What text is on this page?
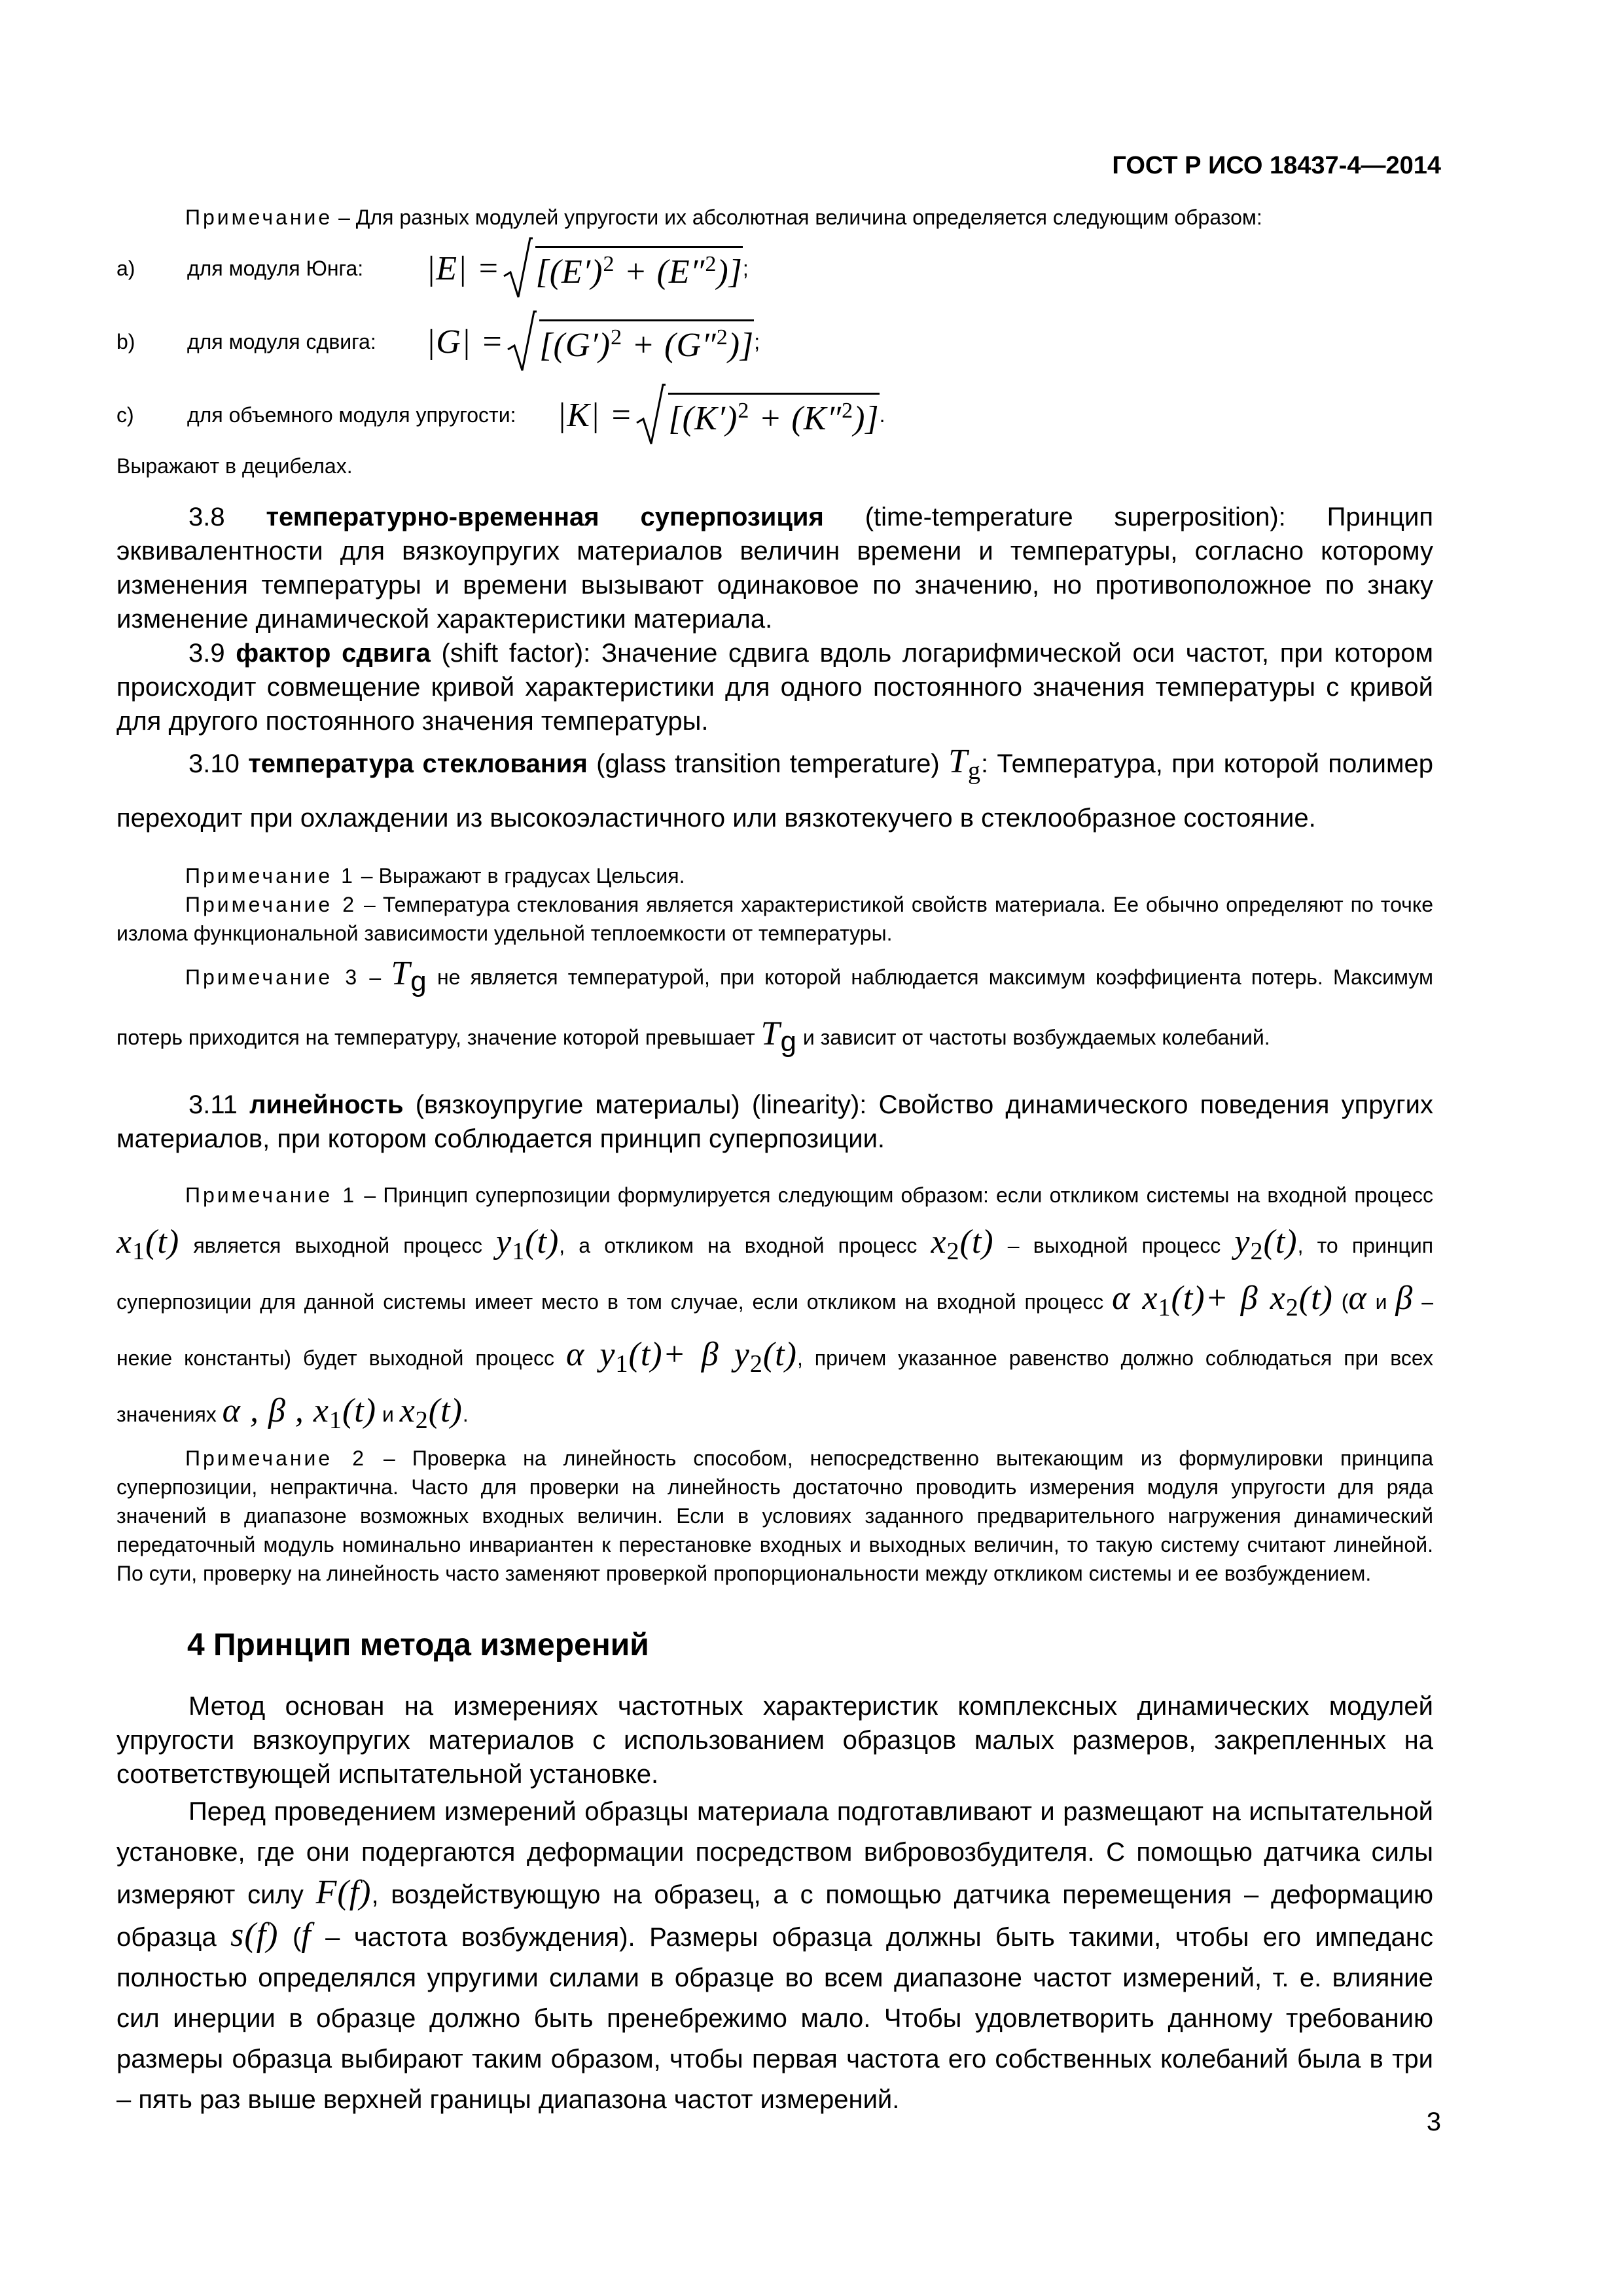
ГОСТ Р ИСО 18437-4—2014
Примечание – Для разных модулей упругости их абсолютная величина определяется следующим образом:
a)	для модуля Юнга:	$|E| = [(E')^2 + (E''^2)]$ ;
b)	для модуля сдвига:	$|G| = [(G')^2 + (G''^2)]$ ;
c)	для объемного модуля упругости:	$|K| = [(K')^2 + (K''^2)]$ .
Выражают в децибелах.
3.8 температурно-временная суперпозиция (time-temperature superposition): Принцип эквивалентности для вязкоупругих материалов величин времени и температуры, согласно которому изменения температуры и времени вызывают одинаковое по значению, но противоположное по знаку изменение динамической характеристики материала.
3.9 фактор сдвига (shift factor): Значение сдвига вдоль логарифмической оси частот, при котором происходит совмещение кривой характеристики для одного постоянного значения температуры с кривой для другого постоянного значения температуры.
3.10 температура стеклования (glass transition temperature) $T_g$: Температура, при которой полимер переходит при охлаждении из высокоэластичного или вязкотекучего в стеклообразное состояние.
Примечание 1 – Выражают в градусах Цельсия.
Примечание 2 – Температура стеклования является характеристикой свойств материала. Ее обычно определяют по точке излома функциональной зависимости удельной теплоемкости от температуры.
Примечание 3 – Tg не является температурой, при которой наблюдается максимум коэффициента потерь. Максимум потерь приходится на температуру, значение которой превышает Tg и зависит от частоты возбуждаемых колебаний.
3.11 линейность (вязкоупругие материалы) (linearity): Свойство динамического поведения упругих материалов, при котором соблюдается принцип суперпозиции.
Примечание 1 – Принцип суперпозиции формулируется следующим образом: если откликом системы на входной процесс $x_1(t)$ является выходной процесс $y_1(t)$, а откликом на входной процесс $x_2(t)$ – выходной процесс $y_2(t)$, то принцип суперпозиции для данной системы имеет место в том случае, если откликом на входной процесс α $x_1(t)+ \beta$ $x_2(t)$ (α и β – некие константы) будет выходной процесс α $y_1(t)+ \beta$ $y_2(t)$, причем указанное равенство должно соблюдаться при всех значениях α , β , $x_1(t)$ и $x_2(t)$.
Примечание 2 – Проверка на линейность способом, непосредственно вытекающим из формулировки принципа суперпозиции, непрактична. Часто для проверки на линейность достаточно проводить измерения модуля упругости для ряда значений в диапазоне возможных входных величин. Если в условиях заданного предварительного нагружения динамический передаточный модуль номинально инвариантен к перестановке входных и выходных величин, то такую систему считают линейной. По сути, проверку на линейность часто заменяют проверкой пропорциональности между откликом системы и ее возбуждением.
4 Принцип метода измерений
Метод основан на измерениях частотных характеристик комплексных динамических модулей упругости вязкоупругих материалов с использованием образцов малых размеров, закрепленных на соответствующей испытательной установке.
Перед проведением измерений образцы материала подготавливают и размещают на испытательной установке, где они подергаются деформации посредством вибровозбудителя. С помощью датчика силы измеряют силу F(f), воздействующую на образец, а с помощью датчика перемещения – деформацию образца s(f) (f – частота возбуждения). Размеры образца должны быть такими, чтобы его импеданс полностью определялся упругими силами в образце во всем диапазоне частот измерений, т. е. влияние сил инерции в образце должно быть пренебрежимо мало. Чтобы удовлетворить данному требованию размеры образца выбирают таким образом, чтобы первая частота его собственных колебаний была в три – пять раз выше верхней границы диапазона частот измерений.
3
